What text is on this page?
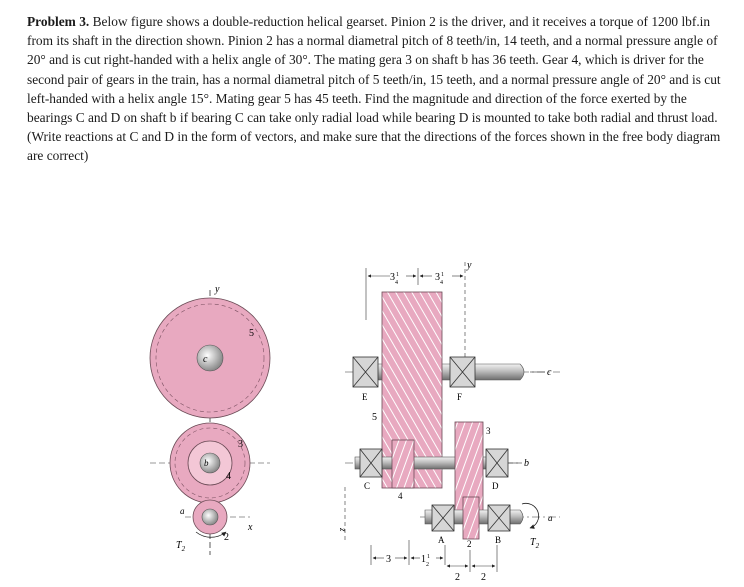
Problem 3. Below figure shows a double-reduction helical gearset. Pinion 2 is the driver, and it receives a torque of 1200 lbf.in from its shaft in the direction shown. Pinion 2 has a normal diametral pitch of 8 teeth/in, 14 teeth, and a normal pressure angle of 20° and is cut right-handed with a helix angle of 30°. The mating gera 3 on shaft b has 36 teeth. Gear 4, which is driver for the second pair of gears in the train, has a normal diametral pitch of 5 teeth/in, 15 teeth, and a normal pressure angle of 20° and is cut left-handed with a helix angle 15°. Mating gear 5 has 45 teeth. Find the magnitude and direction of the force exerted by the bearings C and D on shaft b if bearing C can take only radial load while bearing D is mounted to take both radial and thrust load. (Write reactions at C and D in the form of vectors, and make sure that the directions of the forces shown in the free body diagram are correct)

y
c
5
b
3
4
2
a
$T_2$
x
y
$3^1$ 4	$3^1$ 4
c
5
E	F
b
3
4
C	D
a
$T_2$
2
A	B
z
3	$1^1$ 2
2 2
